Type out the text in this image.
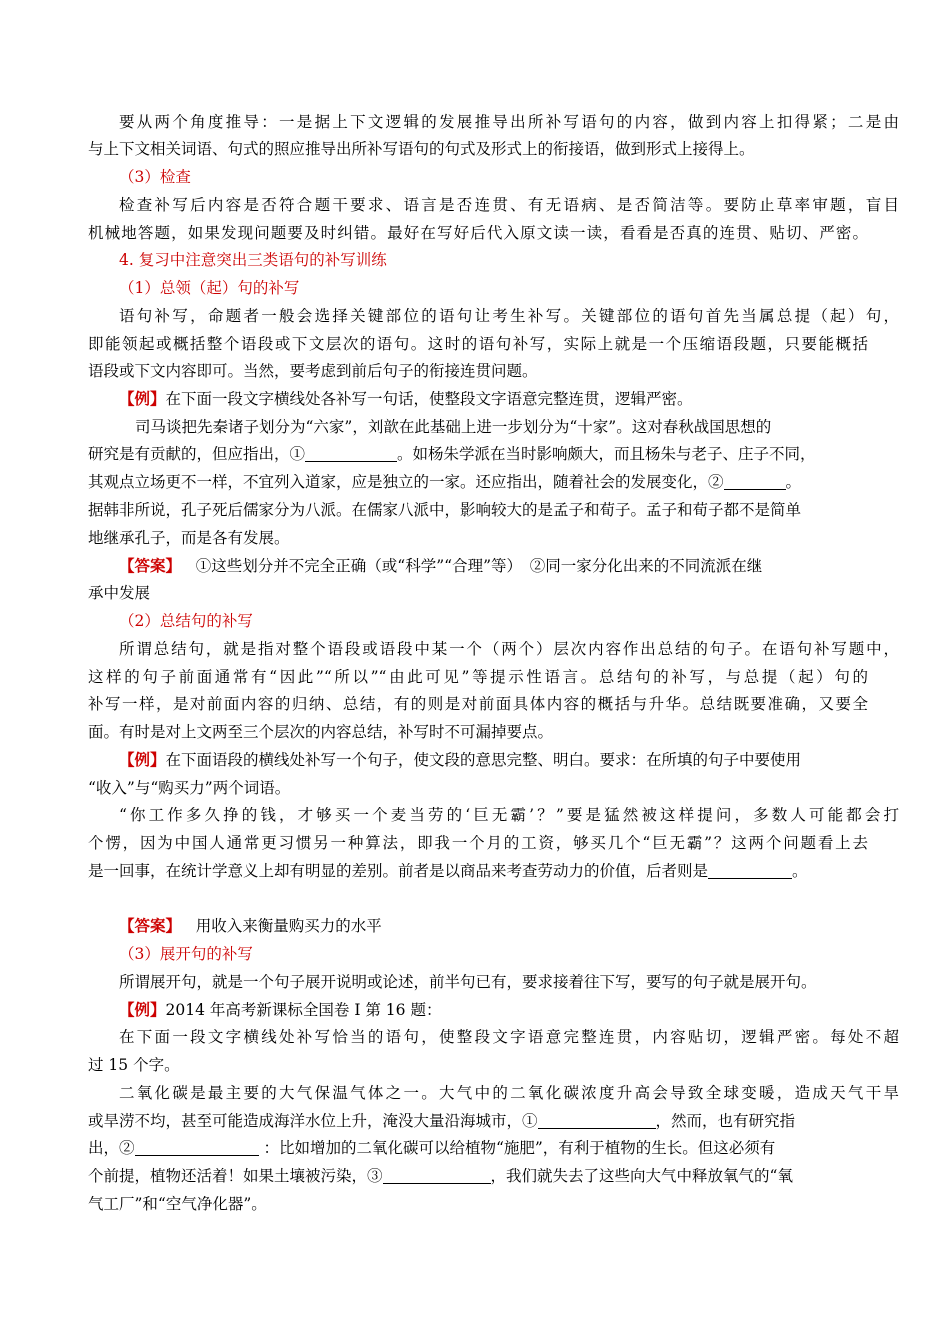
要从两个角度推导：一是据上下文逻辑的发展推导出所补写语句的内容，做到内容上扣得紧；二是由
与上下文相关词语、句式的照应推导出所补写语句的句式及形式上的衔接语，做到形式上接得上。
（3）检查
检查补写后内容是否符合题干要求、语言是否连贯、有无语病、是否简洁等。要防止草率审题，盲目
机械地答题，如果发现问题要及时纠错。最好在写好后代入原文读一读，看看是否真的连贯、贴切、严密。
4. 复习中注意突出三类语句的补写训练
（1）总领（起）句的补写
语句补写，命题者一般会选择关键部位的语句让考生补写。关键部位的语句首先当属总提（起）句，
即能领起或概括整个语段或下文层次的语句。这时的语句补写，实际上就是一个压缩语段题，只要能概括
语段或下文内容即可。当然，要考虑到前后句子的衔接连贯问题。
【例】在下面一段文字横线处各补写一句话，使整段文字语意完整连贯，逻辑严密。
司马谈把先秦诸子划分为“六家”，刘歆在此基础上进一步划分为“十家”。这对春秋战国思想的
研究是有贡献的，但应指出，①	。如杨朱学派在当时影响颇大，而且杨朱与老子、庄子不同，
其观点立场更不一样，不宜列入道家，应是独立的一家。还应指出，随着社会的发展变化，②	。
据韩非所说，孔子死后儒家分为八派。在儒家八派中，影响较大的是孟子和荀子。孟子和荀子都不是简单
地继承孔子，而是各有发展。
【答案】 ①这些划分并不完全正确（或“科学”“合理”等）　②同一家分化出来的不同流派在继
承中发展
（2）总结句的补写
所谓总结句，就是指对整个语段或语段中某一个（两个）层次内容作出总结的句子。在语句补写题中，
这样的句子前面通常有“因此”“所以”“由此可见”等提示性语言。总结句的补写，与总提（起）句的
补写一样，是对前面内容的归纳、总结，有的则是对前面具体内容的概括与升华。总结既要准确，又要全
面。有时是对上文两至三个层次的内容总结，补写时不可漏掉要点。
【例】在下面语段的横线处补写一个句子，使文段的意思完整、明白。要求：在所填的句子中要使用
“收入”与“购买力”两个词语。
“你工作多久挣的钱，才够买一个麦当劳的‘巨无霸’？”要是猛然被这样提问，多数人可能都会打
个愣，因为中国人通常更习惯另一种算法，即我一个月的工资，够买几个“巨无霸”？这两个问题看上去
是一回事，在统计学意义上却有明显的差别。前者是以商品来考查劳动力的价值，后者则是	。
【答案】 用收入来衡量购买力的水平
（3）展开句的补写
所谓展开句，就是一个句子展开说明或论述，前半句已有，要求接着往下写，要写的句子就是展开句。
【例】2014 年高考新课标全国卷 I 第 16 题：
在下面一段文字横线处补写恰当的语句，使整段文字语意完整连贯，内容贴切，逻辑严密。每处不超
过 15 个字。
二氧化碳是最主要的大气保温气体之一。大气中的二氧化碳浓度升高会导致全球变暖，造成天气干旱
或旱涝不均，甚至可能造成海洋水位上升，淹没大量沿海城市，①	，然而，也有研究指
出，②	：比如增加的二氧化碳可以给植物“施肥”，有利于植物的生长。但这必须有
个前提，植物还活着！如果土壤被污染，③	，我们就失去了这些向大气中释放氧气的“氧
气工厂”和“空气净化器”。
